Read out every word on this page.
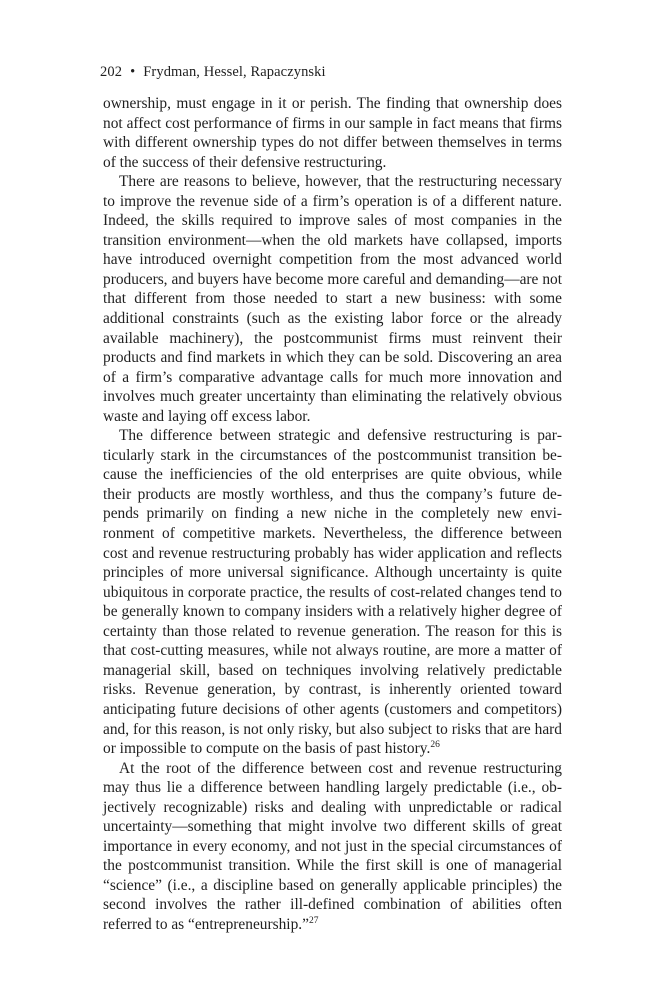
202 • Frydman, Hessel, Rapaczynski

ownership, must engage in it or perish. The finding that ownership does not affect cost performance of firms in our sample in fact means that firms with different ownership types do not differ between themselves in terms of the success of their defensive restructuring.

There are reasons to believe, however, that the restructuring necessary to improve the revenue side of a firm’s operation is of a different nature. Indeed, the skills required to improve sales of most companies in the transition environment—when the old markets have collapsed, imports have introduced overnight competition from the most advanced world producers, and buyers have become more careful and demanding—are not that different from those needed to start a new business: with some additional constraints (such as the existing labor force or the already available machinery), the postcommunist firms must reinvent their products and find markets in which they can be sold. Discovering an area of a firm’s comparative advantage calls for much more innovation and involves much greater uncertainty than eliminating the relatively obvious waste and laying off excess labor.

The difference between strategic and defensive restructuring is particularly stark in the circumstances of the postcommunist transition because the inefficiencies of the old enterprises are quite obvious, while their products are mostly worthless, and thus the company’s future depends primarily on finding a new niche in the completely new environment of competitive markets. Nevertheless, the difference between cost and revenue restructuring probably has wider application and reflects principles of more universal significance. Although uncertainty is quite ubiquitous in corporate practice, the results of cost-related changes tend to be generally known to company insiders with a relatively higher degree of certainty than those related to revenue generation. The reason for this is that cost-cutting measures, while not always routine, are more a matter of managerial skill, based on techniques involving relatively predictable risks. Revenue generation, by contrast, is inherently oriented toward anticipating future decisions of other agents (customers and competitors) and, for this reason, is not only risky, but also subject to risks that are hard or impossible to compute on the basis of past history.$^{26}$

At the root of the difference between cost and revenue restructuring may thus lie a difference between handling largely predictable (i.e., objectively recognizable) risks and dealing with unpredictable or radical uncertainty—something that might involve two different skills of great importance in every economy, and not just in the special circumstances of the postcommunist transition. While the first skill is one of managerial “science” (i.e., a discipline based on generally applicable principles) the second involves the rather ill-defined combination of abilities often referred to as “entrepreneurship.”$^{27}$
